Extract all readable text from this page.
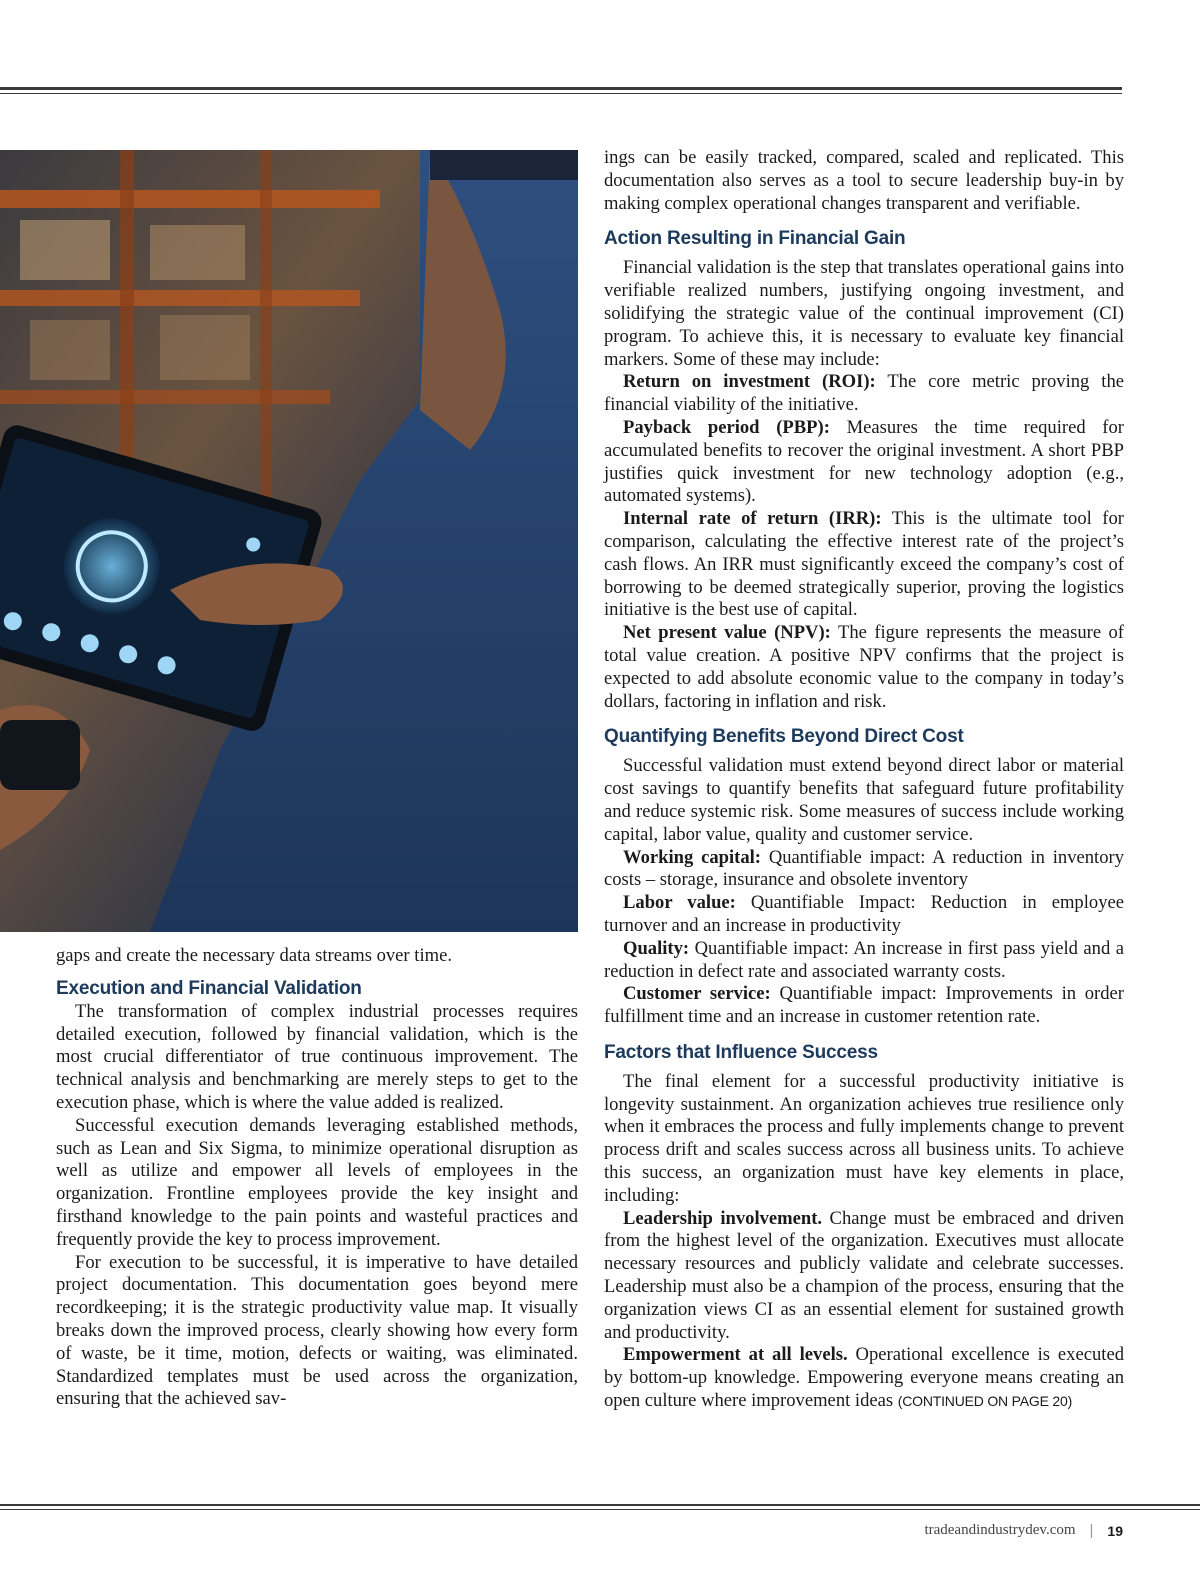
gaps and create the necessary data streams over time.

Execution and Financial Validation

The transformation of complex industrial processes requires detailed execution, followed by financial validation, which is the most crucial differentiator of true continuous improvement. The technical analysis and benchmarking are merely steps to get to the execution phase, which is where the value added is realized.

Successful execution demands leveraging established methods, such as Lean and Six Sigma, to minimize operational disruption as well as utilize and empower all levels of employees in the organization. Frontline employees provide the key insight and firsthand knowledge to the pain points and wasteful practices and frequently provide the key to process improvement.

For execution to be successful, it is imperative to have detailed project documentation. This documentation goes beyond mere recordkeeping; it is the strategic productivity value map. It visually breaks down the improved process, clearly showing how every form of waste, be it time, motion, defects or waiting, was eliminated. Standardized templates must be used across the organization, ensuring that the achieved sav-

ings can be easily tracked, compared, scaled and replicated. This documentation also serves as a tool to secure leadership buy-in by making complex operational changes transparent and verifiable.

Action Resulting in Financial Gain

Financial validation is the step that translates operational gains into verifiable realized numbers, justifying ongoing investment, and solidifying the strategic value of the continual improvement (CI) program. To achieve this, it is necessary to evaluate key financial markers. Some of these may include:

Return on investment (ROI): The core metric proving the financial viability of the initiative.

Payback period (PBP): Measures the time required for accumulated benefits to recover the original investment. A short PBP justifies quick investment for new technology adoption (e.g., automated systems).

Internal rate of return (IRR): This is the ultimate tool for comparison, calculating the effective interest rate of the project’s cash flows. An IRR must significantly exceed the company’s cost of borrowing to be deemed strategically superior, proving the logistics initiative is the best use of capital.

Net present value (NPV): The figure represents the measure of total value creation. A positive NPV confirms that the project is expected to add absolute economic value to the company in today’s dollars, factoring in inflation and risk.

Quantifying Benefits Beyond Direct Cost

Successful validation must extend beyond direct labor or material cost savings to quantify benefits that safeguard future profitability and reduce systemic risk. Some measures of success include working capital, labor value, quality and customer service.

Working capital: Quantifiable impact: A reduction in inventory costs – storage, insurance and obsolete inventory

Labor value: Quantifiable Impact: Reduction in employee turnover and an increase in productivity

Quality: Quantifiable impact: An increase in first pass yield and a reduction in defect rate and associated warranty costs.

Customer service: Quantifiable impact: Improvements in order fulfillment time and an increase in customer retention rate.

Factors that Influence Success

The final element for a successful productivity initiative is longevity sustainment. An organization achieves true resilience only when it embraces the process and fully implements change to prevent process drift and scales success across all business units. To achieve this success, an organization must have key elements in place, including:

Leadership involvement. Change must be embraced and driven from the highest level of the organization. Executives must allocate necessary resources and publicly validate and celebrate successes. Leadership must also be a champion of the process, ensuring that the organization views CI as an essential element for sustained growth and productivity.

Empowerment at all levels. Operational excellence is executed by bottom-up knowledge. Empowering everyone means creating an open culture where improvement ideas (CONTINUED ON PAGE 20)

tradeandindustrydev.com | 19
